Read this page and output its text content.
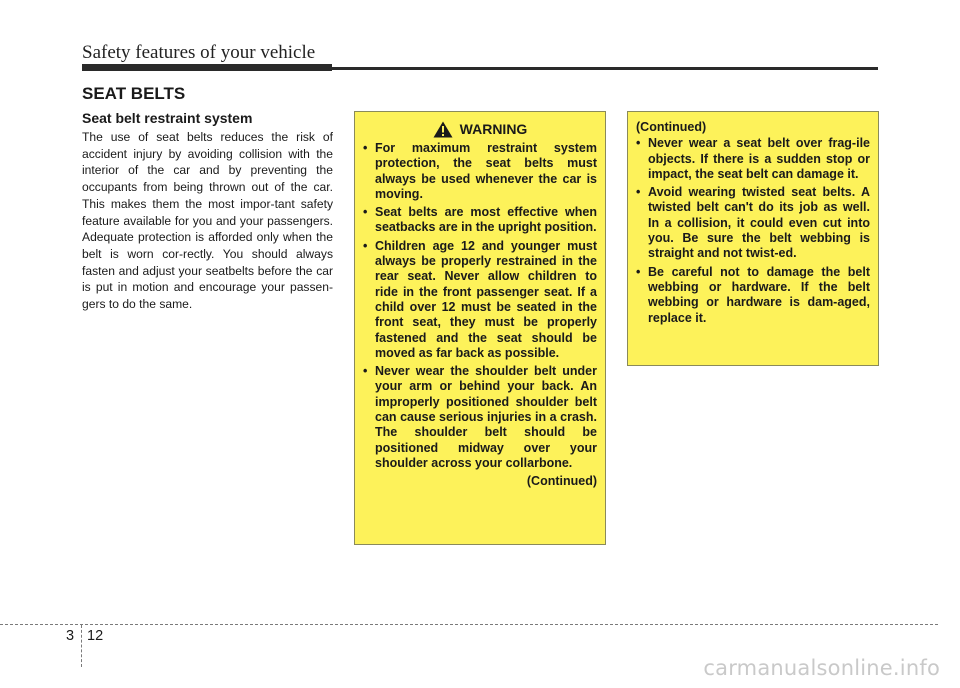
Safety features of your vehicle
SEAT BELTS
Seat belt restraint system
The use of seat belts reduces the risk of accident injury by avoiding collision with the interior of the car and by preventing the occupants from being thrown out of the car. This makes them the most impor-tant safety feature available for you and your passengers. Adequate protection is afforded only when the belt is worn cor-rectly. You should always fasten and adjust your seatbelts before the car is put in motion and encourage your passen-gers to do the same.
WARNING
• For maximum restraint system protection, the seat belts must always be used whenever the car is moving.
• Seat belts are most effective when seatbacks are in the upright position.
• Children age 12 and younger must always be properly restrained in the rear seat. Never allow children to ride in the front passenger seat. If a child over 12 must be seated in the front seat, they must be properly fastened and the seat should be moved as far back as possible.
• Never wear the shoulder belt under your arm or behind your back. An improperly positioned shoulder belt can cause serious injuries in a crash. The shoulder belt should be positioned midway over your shoulder across your collarbone.
(Continued)
(Continued)
• Never wear a seat belt over frag-ile objects. If there is a sudden stop or impact, the seat belt can damage it.
• Avoid wearing twisted seat belts. A twisted belt can't do its job as well. In a collision, it could even cut into you. Be sure the belt webbing is straight and not twist-ed.
• Be careful not to damage the belt webbing or hardware. If the belt webbing or hardware is dam-aged, replace it.
3 12
carmanualsonline.info
